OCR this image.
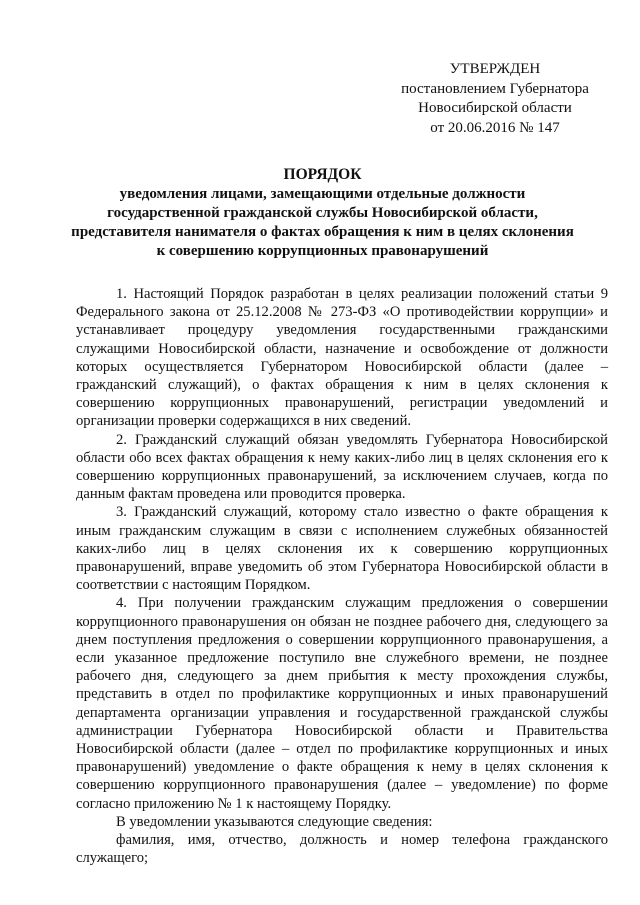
УТВЕРЖДЕН
постановлением Губернатора
Новосибирской области
от 20.06.2016 № 147
ПОРЯДОК
уведомления лицами, замещающими отдельные должности
государственной гражданской службы Новосибирской области,
представителя нанимателя о фактах обращения к ним в целях склонения
к совершению коррупционных правонарушений

1. Настоящий Порядок разработан в целях реализации положений статьи 9 Федерального закона от 25.12.2008 № 273-ФЗ «О противодействии коррупции» и устанавливает процедуру уведомления государственными гражданскими служащими Новосибирской области, назначение и освобождение от должности которых осуществляется Губернатором Новосибирской области (далее – гражданский служащий), о фактах обращения к ним в целях склонения к совершению коррупционных правонарушений, регистрации уведомлений и организации проверки содержащихся в них сведений.

2. Гражданский служащий обязан уведомлять Губернатора Новосибирской области обо всех фактах обращения к нему каких-либо лиц в целях склонения его к совершению коррупционных правонарушений, за исключением случаев, когда по данным фактам проведена или проводится проверка.

3. Гражданский служащий, которому стало известно о факте обращения к иным гражданским служащим в связи с исполнением служебных обязанностей каких-либо лиц в целях склонения их к совершению коррупционных правонарушений, вправе уведомить об этом Губернатора Новосибирской области в соответствии с настоящим Порядком.

4. При получении гражданским служащим предложения о совершении коррупционного правонарушения он обязан не позднее рабочего дня, следующего за днем поступления предложения о совершении коррупционного правонарушения, а если указанное предложение поступило вне служебного времени, не позднее рабочего дня, следующего за днем прибытия к месту прохождения службы, представить в отдел по профилактике коррупционных и иных правонарушений департамента организации управления и государственной гражданской службы администрации Губернатора Новосибирской области и Правительства Новосибирской области (далее – отдел по профилактике коррупционных и иных правонарушений) уведомление о факте обращения к нему в целях склонения к совершению коррупционного правонарушения (далее – уведомление) по форме согласно приложению № 1 к настоящему Порядку.

В уведомлении указываются следующие сведения:

фамилия, имя, отчество, должность и номер телефона гражданского служащего;
